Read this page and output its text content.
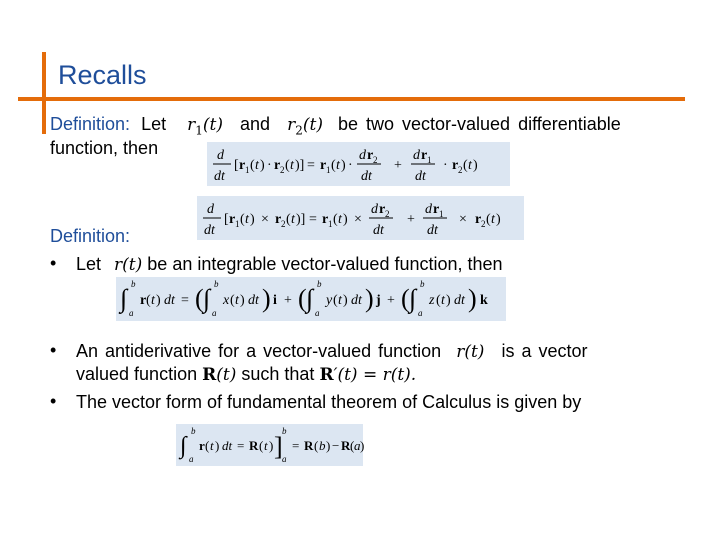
Recalls
Definition: Let $r_1(t)$ and $r_2(t)$ be two vector-valued differentiable
function, then	d
dt
[ r 1 ( t ) · r 2 ( t )] = r 1 ( t ) ·
d r 2
dt
+
d r 1
dt
· r 2 ( t )
Definition:
d
dt
[ r 1 ( t ) × r 2 ( t )] = r 1 ( t ) ×
d r 2
dt
+
d r 1
dt
× r 2 ( t )
• Let r(t) be an integrable vector-valued function, then
∫ b
a
r ( t ) dt = ( ∫ b
a
x ( t ) dt ) i + ( ∫ b
a
y ( t ) dt ) j + ( ∫ b
a
z ( t ) dt ) k
• An antiderivative for a vector-valued function r(t) is a vector
valued function R(t) such that R′(t) = r(t).
• The vector form of fundamental theorem of Calculus is given by
∫
b
a
r ( t ) dt = R ( t ) ]
b
a
= R ( b ) − R ( a )
